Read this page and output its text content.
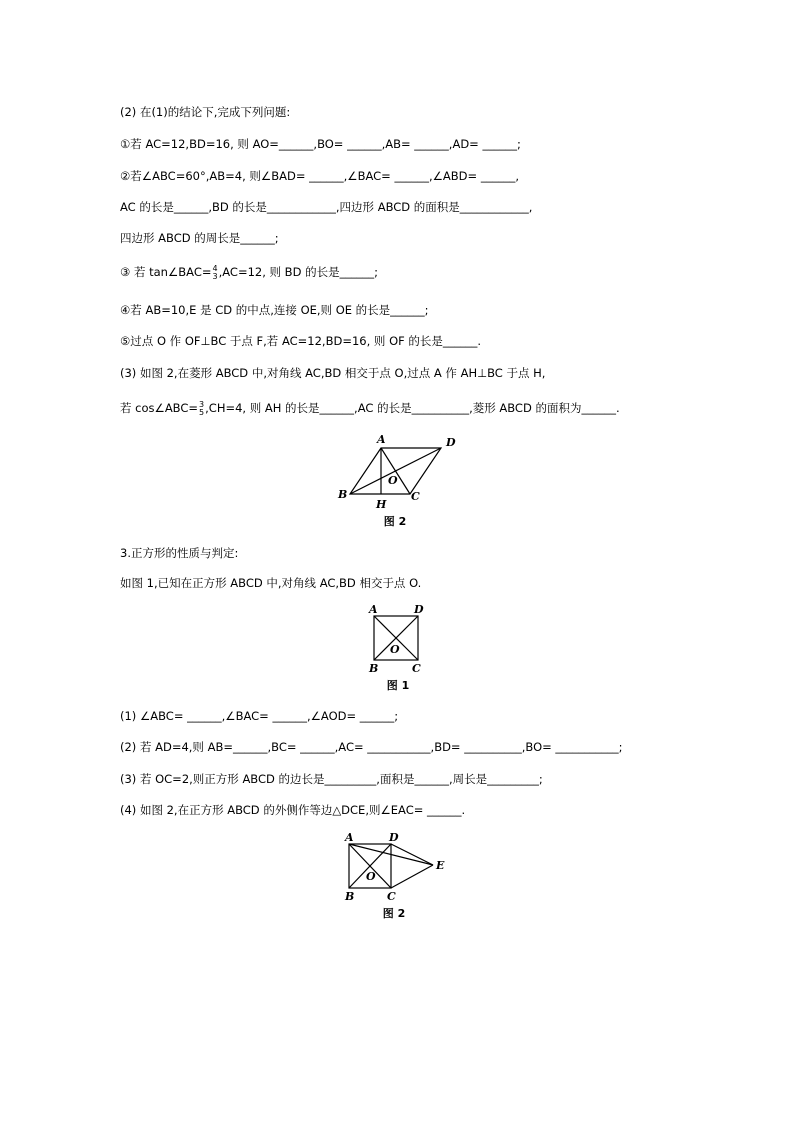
(2) 在(1)的结论下,完成下列问题:
①若 AC=12,BD=16, 则 AO=______,BO= ______,AB= ______,AD= ______;
②若∠ABC=60°,AB=4, 则∠BAD= ______,∠BAC= ______,∠ABD= ______,
AC 的长是______,BD 的长是____________,四边形 ABCD 的面积是____________,
四边形 ABCD 的周长是______;
③ 若 tan∠BAC= 4
3 ,AC=12, 则 BD 的长是______;
④若 AB=10,E 是 CD 的中点,连接 OE,则 OE 的长是______;
⑤过点 O 作 OF⊥BC 于点 F,若 AC=12,BD=16, 则 OF 的长是______.
(3) 如图 2,在菱形 ABCD 中,对角线 AC,BD 相交于点 O,过点 A 作 AH⊥BC 于点 H,
若 cos∠ABC= 3
5 ,CH=4, 则 AH 的长是______,AC 的长是__________,菱形 ABCD 的面积为______.
A	D
B	C
O
H
图 2
3.正方形的性质与判定:
如图 1,已知在正方形 ABCD 中,对角线 AC,BD 相交于点 O.
A	D
B	C
O
图 1
(1) ∠ABC= ______,∠BAC= ______,∠AOD= ______;
(2) 若 AD=4,则 AB=______,BC= ______,AC= ___________,BD= __________,BO= ___________;
(3) 若 OC=2,则正方形 ABCD 的边长是_________,面积是______,周长是_________;
(4) 如图 2,在正方形 ABCD 的外侧作等边△DCE,则∠EAC= ______.
A	D
B	C
O
E
图 2
